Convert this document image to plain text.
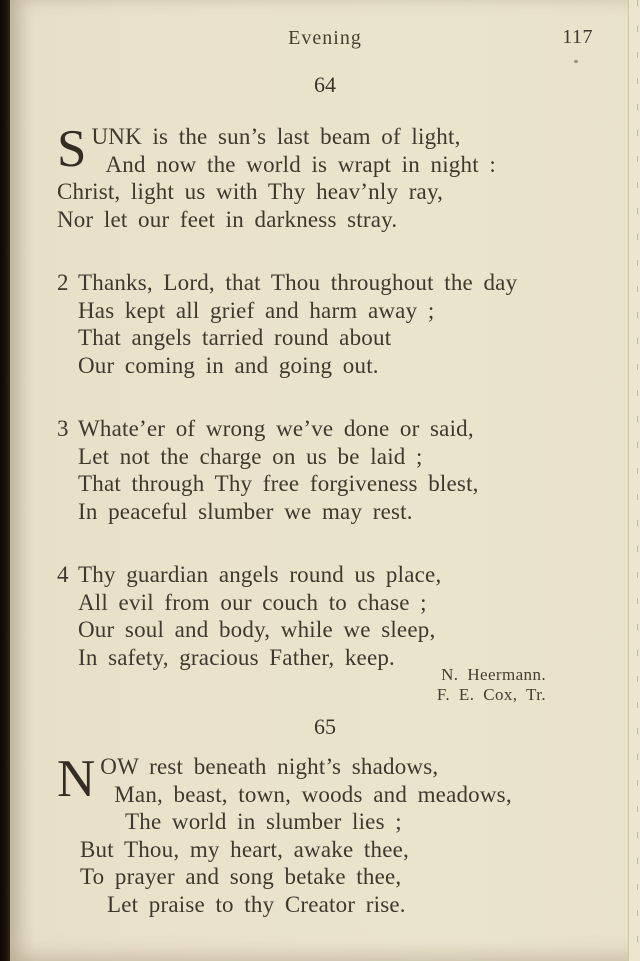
Evening	117
64
S UNK is the sun’s last beam of light,
And now the world is wrapt in night :
Christ, light us with Thy heav’nly ray,
Nor let our feet in darkness stray.
2 Thanks, Lord, that Thou throughout the day
Has kept all grief and harm away ;
That angels tarried round about
Our coming in and going out.
3 Whate’er of wrong we’ve done or said,
Let not the charge on us be laid ;
That through Thy free forgiveness blest,
In peaceful slumber we may rest.
4 Thy guardian angels round us place,
All evil from our couch to chase ;
Our soul and body, while we sleep,
In safety, gracious Father, keep.
N. Heermann.
F. E. Cox, Tr.
65
N OW rest beneath night’s shadows,
Man, beast, town, woods and meadows,
The world in slumber lies ;
But Thou, my heart, awake thee,
To prayer and song betake thee,
Let praise to thy Creator rise.
